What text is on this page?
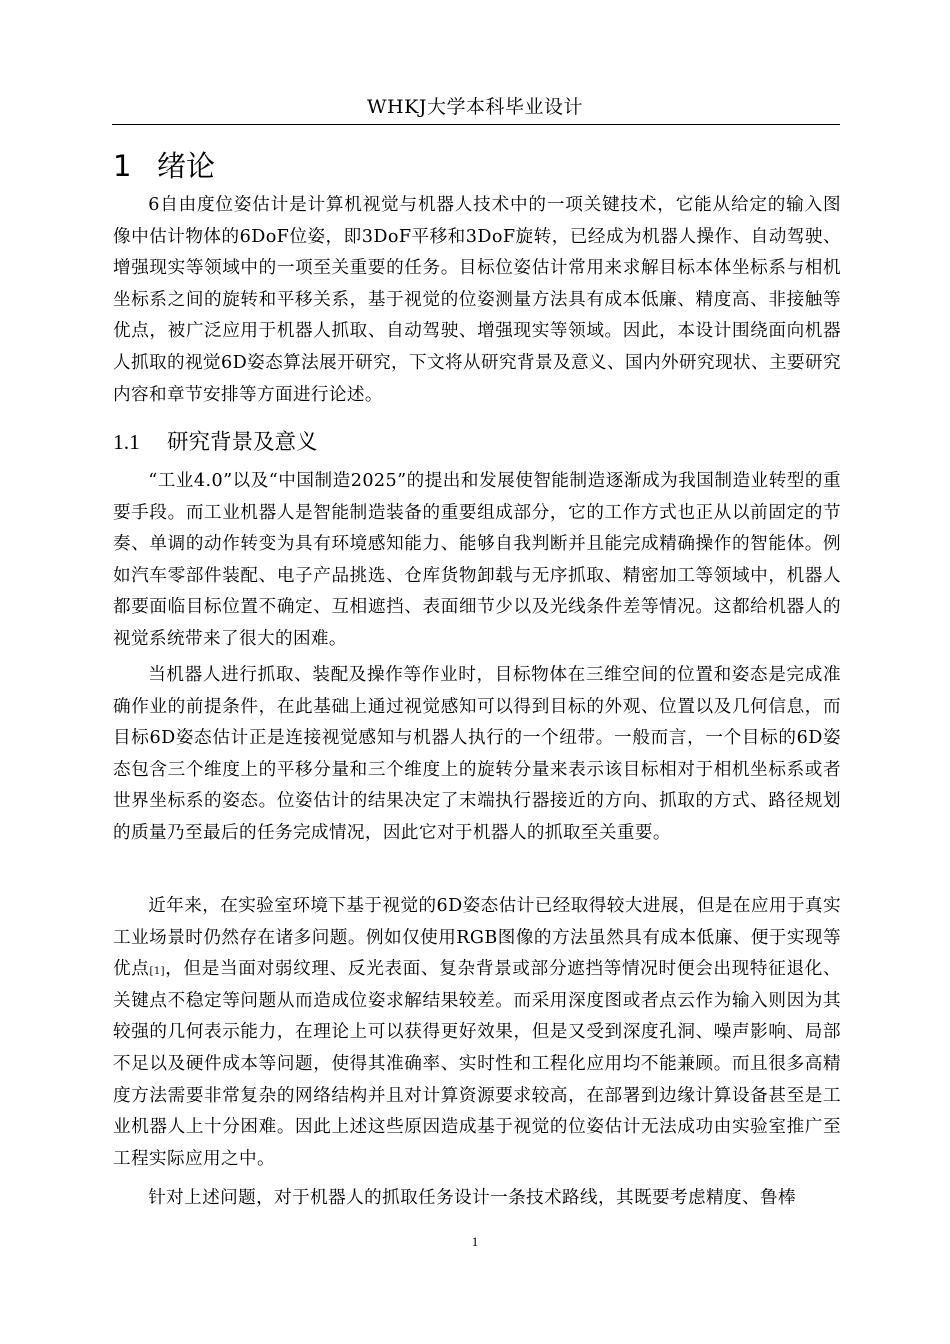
WHKJ大学本科毕业设计
1 绪论
6自由度位姿估计是计算机视觉与机器人技术中的一项关键技术，它能从给定的输入图像中估计物体的6DoF位姿，即3DoF平移和3DoF旋转，已经成为机器人操作、自动驾驶、增强现实等领域中的一项至关重要的任务。目标位姿估计常用来求解目标本体坐标系与相机坐标系之间的旋转和平移关系，基于视觉的位姿测量方法具有成本低廉、精度高、非接触等优点，被广泛应用于机器人抓取、自动驾驶、增强现实等领域。因此，本设计围绕面向机器人抓取的视觉6D姿态算法展开研究，下文将从研究背景及意义、国内外研究现状、主要研究内容和章节安排等方面进行论述。
1.1 研究背景及意义
“工业4.0”以及“中国制造2025”的提出和发展使智能制造逐渐成为我国制造业转型的重要手段。而工业机器人是智能制造装备的重要组成部分，它的工作方式也正从以前固定的节奏、单调的动作转变为具有环境感知能力、能够自我判断并且能完成精确操作的智能体。例如汽车零部件装配、电子产品挑选、仓库货物卸载与无序抓取、精密加工等领域中，机器人都要面临目标位置不确定、互相遮挡、表面细节少以及光线条件差等情况。这都给机器人的视觉系统带来了很大的困难。
当机器人进行抓取、装配及操作等作业时，目标物体在三维空间的位置和姿态是完成准确作业的前提条件，在此基础上通过视觉感知可以得到目标的外观、位置以及几何信息，而目标6D姿态估计正是连接视觉感知与机器人执行的一个纽带。一般而言，一个目标的6D姿态包含三个维度上的平移分量和三个维度上的旋转分量来表示该目标相对于相机坐标系或者世界坐标系的姿态。位姿估计的结果决定了末端执行器接近的方向、抓取的方式、路径规划的质量乃至最后的任务完成情况，因此它对于机器人的抓取至关重要。
近年来，在实验室环境下基于视觉的6D姿态估计已经取得较大进展，但是在应用于真实工业场景时仍然存在诸多问题。例如仅使用RGB图像的方法虽然具有成本低廉、便于实现等优点[1]，但是当面对弱纹理、反光表面、复杂背景或部分遮挡等情况时便会出现特征退化、关键点不稳定等问题从而造成位姿求解结果较差。而采用深度图或者点云作为输入则因为其较强的几何表示能力，在理论上可以获得更好效果，但是又受到深度孔洞、噪声影响、局部不足以及硬件成本等问题，使得其准确率、实时性和工程化应用均不能兼顾。而且很多高精度方法需要非常复杂的网络结构并且对计算资源要求较高，在部署到边缘计算设备甚至是工业机器人上十分困难。因此上述这些原因造成基于视觉的位姿估计无法成功由实验室推广至工程实际应用之中。
针对上述问题，对于机器人的抓取任务设计一条技术路线，其既要考虑精度、鲁棒
1
